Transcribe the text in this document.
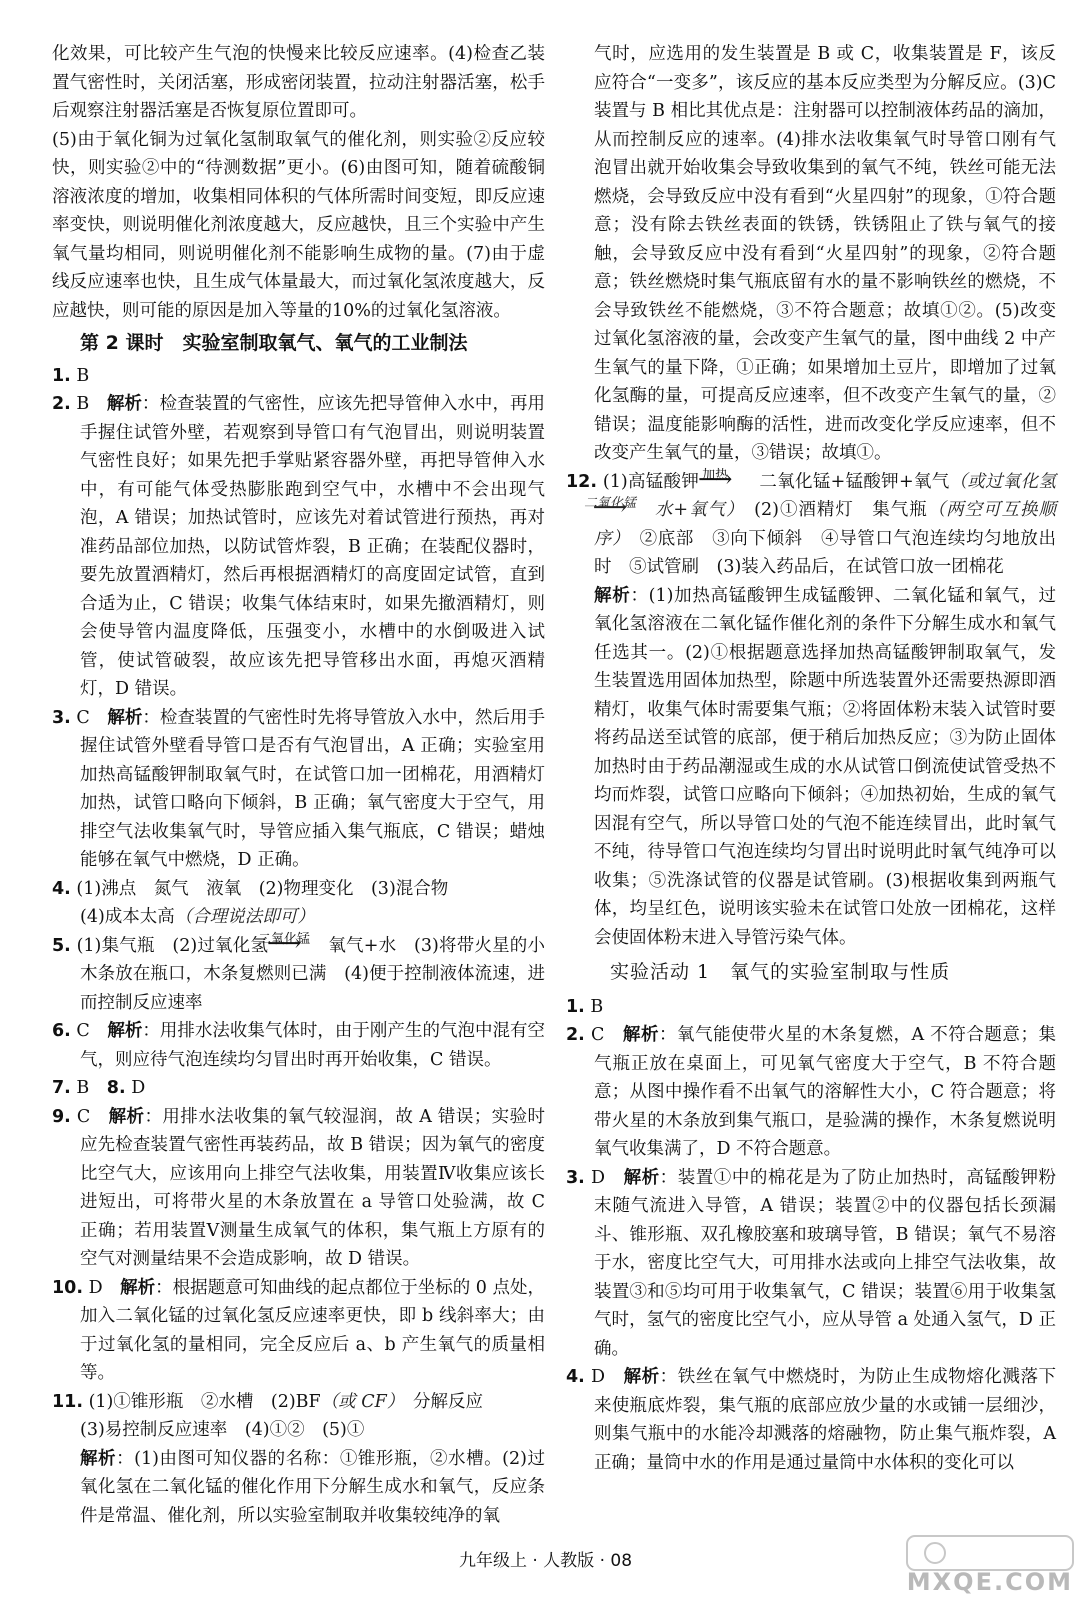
化效果，可比较产生气泡的快慢来比较反应速率。(4)检查乙装置气密性时，关闭活塞，形成密闭装置，拉动注射器活塞，松手后观察注射器活塞是否恢复原位置即可。

(5)由于氧化铜为过氧化氢制取氧气的催化剂，则实验②反应较快，则实验②中的“待测数据”更小。(6)由图可知，随着硫酸铜溶液浓度的增加，收集相同体积的气体所需时间变短，即反应速率变快，则说明催化剂浓度越大，反应越快，且三个实验中产生氧气量均相同，则说明催化剂不能影响生成物的量。(7)由于虚线反应速率也快，且生成气体量最大，而过氧化氢浓度越大，反应越快，则可能的原因是加入等量的10%的过氧化氢溶液。

第 2 课时　实验室制取氧气、氧气的工业制法

1. B

2. B　 解析：检查装置的气密性，应该先把导管伸入水中，再用手握住试管外壁，若观察到导管口有气泡冒出，则说明装置气密性良好；如果先把手掌贴紧容器外壁，再把导管伸入水中，有可能气体受热膨胀跑到空气中，水槽中不会出现气泡，A 错误；加热试管时，应该先对着试管进行预热，再对准药品部位加热，以防试管炸裂，B 正确；在装配仪器时，要先放置酒精灯，然后再根据酒精灯的高度固定试管，直到合适为止，C 错误；收集气体结束时，如果先撤酒精灯，则会使导管内温度降低，压强变小，水槽中的水倒吸进入试管，使试管破裂，故应该先把导管移出水面，再熄灭酒精灯，D 错误。

3. C　 解析：检查装置的气密性时先将导管放入水中，然后用手握住试管外壁看导管口是否有气泡冒出，A 正确；实验室用加热高锰酸钾制取氧气时，在试管口加一团棉花，用酒精灯加热，试管口略向下倾斜，B 正确；氧气密度大于空气，用排空气法收集氧气时，导管应插入集气瓶底，C 错误；蜡烛能够在氧气中燃烧，D 正确。

4. (1)沸点　氮气　液氧　(2)物理变化　(3)混合物
(4)成本太高（合理说法即可）

5. (1)集气瓶　(2)过氧化氢
二氧化锰
⟶	氧气+水　(3)将带火星的小木条放在瓶口，木条复燃则已满　(4)便于控制液体流速，进而控制反应速率

6. C　 解析：用排水法收集气体时，由于刚产生的气泡中混有空气，则应待气泡连续均匀冒出时再开始收集，C 错误。

7. B　 8. D

9. C　 解析：用排水法收集的氧气较湿润，故 A 错误；实验时应先检查装置气密性再装药品，故 B 错误；因为氧气的密度比空气大，应该用向上排空气法收集，用装置Ⅳ收集应该长进短出，可将带火星的木条放置在 a 导管口处验满，故 C 正确；若用装置Ⅴ测量生成氧气的体积，集气瓶上方原有的空气对测量结果不会造成影响，故 D 错误。

10. D　 解析：根据题意可知曲线的起点都位于坐标的 0 点处，加入二氧化锰的过氧化氢反应速率更快，即 b 线斜率大；由于过氧化氢的量相同，完全反应后 a、b 产生氧气的质量相等。

11. (1)①锥形瓶　②水槽　(2)BF（或 CF）　分解反应
(3)易控制反应速率　(4)①②　(5)①

解析：(1)由图可知仪器的名称：①锥形瓶，②水槽。(2)过氧化氢在二氧化锰的催化作用下分解生成水和氧气，反应条件是常温、催化剂，所以实验室制取并收集较纯净的氧

气时，应选用的发生装置是 B 或 C，收集装置是 F，该反应符合“一变多”，该反应的基本反应类型为分解反应。(3)C装置与 B 相比其优点是：注射器可以控制液体药品的滴加，从而控制反应的速率。(4)排水法收集氧气时导管口刚有气泡冒出就开始收集会导致收集到的氧气不纯，铁丝可能无法燃烧，会导致反应中没有看到“火星四射”的现象，①符合题意；没有除去铁丝表面的铁锈，铁锈阻止了铁与氧气的接触，会导致反应中没有看到“火星四射”的现象，②符合题意；铁丝燃烧时集气瓶底留有水的量不影响铁丝的燃烧，不会导致铁丝不能燃烧，③不符合题意；故填①②。(5)改变过氧化氢溶液的量，会改变产生氧气的量，图中曲线 2 中产生氧气的量下降，①正确；如果增加土豆片，即增加了过氧化氢酶的量，可提高反应速率，但不改变产生氧气的量，②错误；温度能影响酶的活性，进而改变化学反应速率，但不改变产生氧气的量，③错误；故填①。

12. (1)高锰酸钾 加热
⟶	二氧化锰+锰酸钾+氧气（或过氧化氢
二氧化锰
⟶	水+氧气）　(2)①酒精灯　集气瓶（两空可互换顺序）　②底部　③向下倾斜　④导管口气泡连续均匀地放出时　⑤试管刷　(3)装入药品后，在试管口放一团棉花

解析：(1)加热高锰酸钾生成锰酸钾、二氧化锰和氧气，过氧化氢溶液在二氧化锰作催化剂的条件下分解生成水和氧气任选其一。(2)①根据题意选择加热高锰酸钾制取氧气，发生装置选用固体加热型，除题中所选装置外还需要热源即酒精灯，收集气体时需要集气瓶；②将固体粉末装入试管时要将药品送至试管的底部，便于稍后加热反应；③为防止固体加热时由于药品潮湿或生成的水从试管口倒流使试管受热不均而炸裂，试管口应略向下倾斜；④加热初始，生成的氧气因混有空气，所以导管口处的气泡不能连续冒出，此时氧气不纯，待导管口气泡连续均匀冒出时说明此时氧气纯净可以收集；⑤洗涤试管的仪器是试管刷。(3)根据收集到两瓶气体，均呈红色，说明该实验未在试管口处放一团棉花，这样会使固体粉末进入导管污染气体。

实验活动 1　氧气的实验室制取与性质

1. B

2. C　 解析：氧气能使带火星的木条复燃，A 不符合题意；集气瓶正放在桌面上，可见氧气密度大于空气，B 不符合题意；从图中操作看不出氧气的溶解性大小，C 符合题意；将带火星的木条放到集气瓶口，是验满的操作，木条复燃说明氧气收集满了，D 不符合题意。

3. D　 解析：装置①中的棉花是为了防止加热时，高锰酸钾粉末随气流进入导管，A 错误；装置②中的仪器包括长颈漏斗、锥形瓶、双孔橡胶塞和玻璃导管，B 错误；氧气不易溶于水，密度比空气大，可用排水法或向上排空气法收集，故装置③和⑤均可用于收集氧气，C 错误；装置⑥用于收集氢气时，氢气的密度比空气小，应从导管 a 处通入氢气，D 正确。

4. D　 解析：铁丝在氧气中燃烧时，为防止生成物熔化溅落下来使瓶底炸裂，集气瓶的底部应放少量的水或铺一层细沙，则集气瓶中的水能冷却溅落的熔融物，防止集气瓶炸裂，A 正确；量筒中水的作用是通过量筒中水体积的变化可以

九年级上 · 人教版 · 08
MXQE.COM
